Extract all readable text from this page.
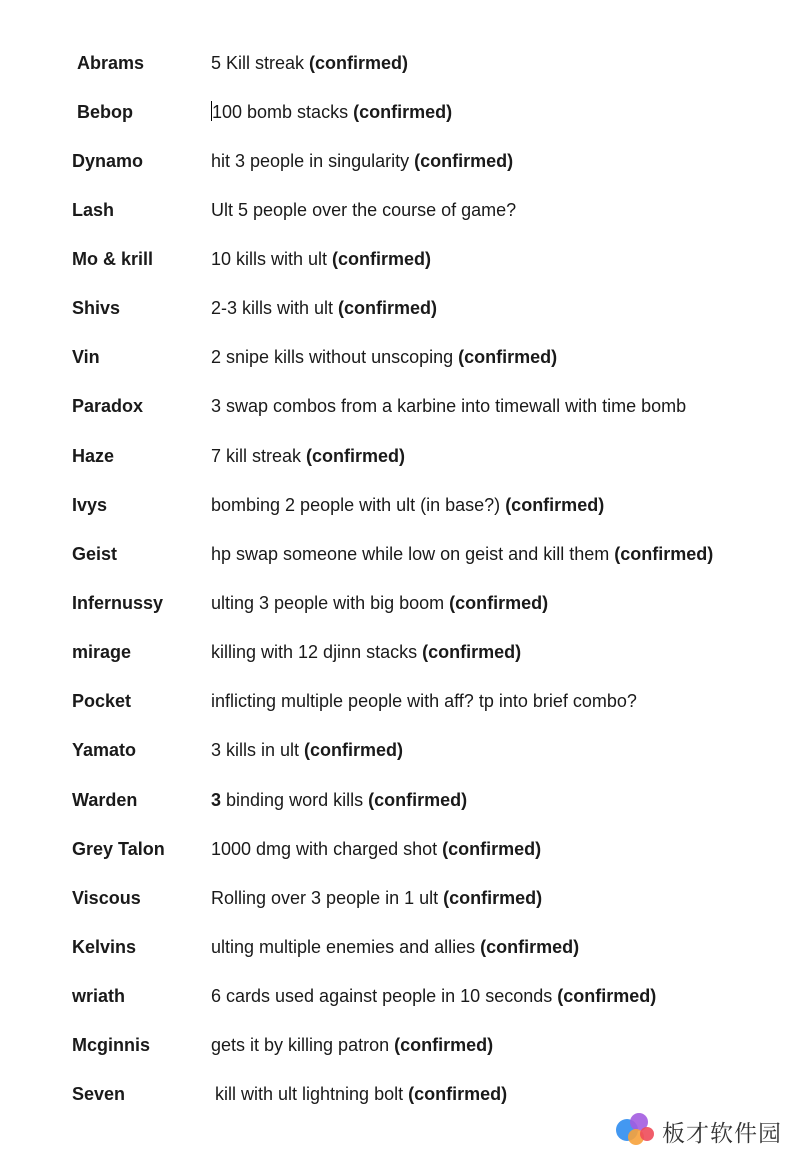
Abrams	5 Kill streak (confirmed)
Bebop	100 bomb stacks (confirmed)
Dynamo	hit 3 people in singularity (confirmed)
Lash	Ult 5 people over the course of game?
Mo & krill	10 kills with ult (confirmed)
Shivs	2-3 kills with ult (confirmed)
Vin	2 snipe kills without unscoping (confirmed)
Paradox	3 swap combos from a karbine into timewall with time bomb
Haze	7 kill streak (confirmed)
Ivys	bombing 2 people with ult (in base?) (confirmed)
Geist	hp swap someone while low on geist and kill them (confirmed)
Infernussy	ulting 3 people with big boom (confirmed)
mirage	killing with 12 djinn stacks (confirmed)
Pocket	inflicting multiple people with aff? tp into brief combo?
Yamato	3 kills in ult (confirmed)
Warden	3 binding word kills (confirmed)
Grey Talon	1000 dmg with charged shot (confirmed)
Viscous	Rolling over 3 people in 1 ult (confirmed)
Kelvins	ulting multiple enemies and allies (confirmed)
wriath	6 cards used against people in 10 seconds (confirmed)
Mcginnis	gets it by killing patron (confirmed)
Seven	kill with ult lightning bolt (confirmed)
板才软件园
